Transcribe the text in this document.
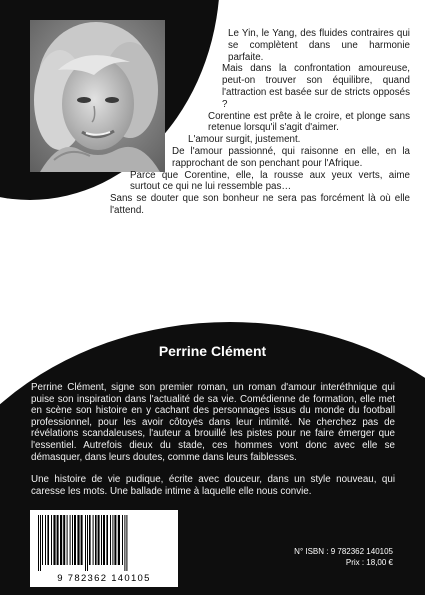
Le Yin, le Yang, des fluides contraires qui se complètent dans une harmonie parfaite.

Mais dans la confrontation amoureuse, peut-on trouver son équilibre, quand l'attraction est basée sur de stricts opposés ?

Corentine est prête à le croire, et plonge sans retenue lorsqu'il s'agit d'aimer.

L'amour surgit, justement.

De l'amour passionné, qui raisonne en elle, en la rapprochant de son penchant pour l'Afrique.

Parce que Corentine, elle, la rousse aux yeux verts, aime surtout ce qui ne lui ressemble pas…

Sans se douter que son bonheur ne sera pas forcément là où elle l'attend.

Perrine Clément

Perrine Clément, signe son premier roman, un roman d'amour interéthnique qui puise son inspiration dans l'actualité de sa vie. Comédienne de formation, elle met en scène son histoire en y cachant des personnages issus du monde du football professionnel, pour les avoir côtoyés dans leur intimité. Ne cherchez pas de révélations scandaleuses, l'auteur a brouillé les pistes pour ne faire émerger que l'essentiel. Autrefois dieux du stade, ces hommes vont donc avec elle se démasquer, dans leurs doutes, comme dans leurs faiblesses.

Une histoire de vie pudique, écrite avec douceur, dans un style nouveau, qui caresse les mots. Une ballade intime à laquelle elle nous convie.

9 782362 140105
N° ISBN : 9 782362 140105
Prix : 18,00 €
